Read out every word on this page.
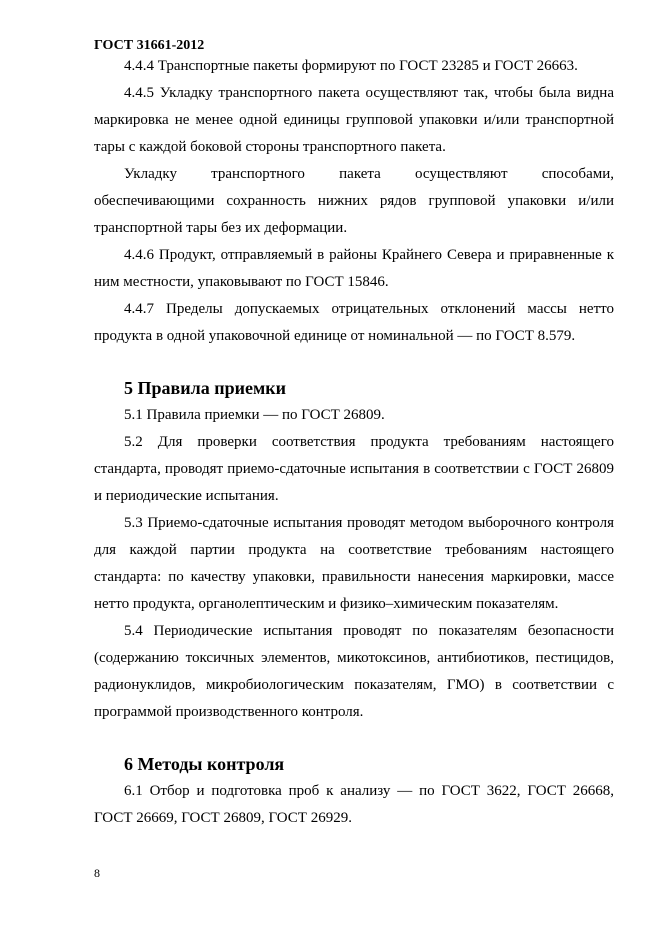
ГОСТ 31661-2012

4.4.4 Транспортные пакеты формируют по ГОСТ 23285 и ГОСТ 26663.

4.4.5 Укладку транспортного пакета осуществляют так, чтобы была видна маркировка не менее одной единицы групповой упаковки и/или транспортной тары с каждой боковой стороны транспортного пакета.

Укладку транспортного пакета осуществляют способами, обеспечивающими сохранность нижних рядов групповой упаковки и/или транспортной тары без их деформации.

4.4.6 Продукт, отправляемый в районы Крайнего Севера и приравненные к ним местности, упаковывают по ГОСТ 15846.

4.4.7 Пределы допускаемых отрицательных отклонений массы нетто продукта в одной упаковочной единице от номинальной — по ГОСТ 8.579.

5 Правила приемки

5.1 Правила приемки — по ГОСТ 26809.

5.2 Для проверки соответствия продукта требованиям настоящего стандарта, проводят приемо-сдаточные испытания в соответствии с ГОСТ 26809 и периодические испытания.

5.3 Приемо-сдаточные испытания проводят методом выборочного контроля для каждой партии продукта на соответствие требованиям настоящего стандарта: по качеству упаковки, правильности нанесения маркировки, массе нетто продукта, органолептическим и физико–химическим показателям.

5.4 Периодические испытания проводят по показателям безопасности (содержанию токсичных элементов, микотоксинов, антибиотиков, пестицидов, радионуклидов, микробиологическим показателям, ГМО) в соответствии с программой производственного контроля.

6 Методы контроля

6.1 Отбор и подготовка проб к анализу — по ГОСТ 3622, ГОСТ 26668, ГОСТ 26669, ГОСТ 26809, ГОСТ 26929.

8
